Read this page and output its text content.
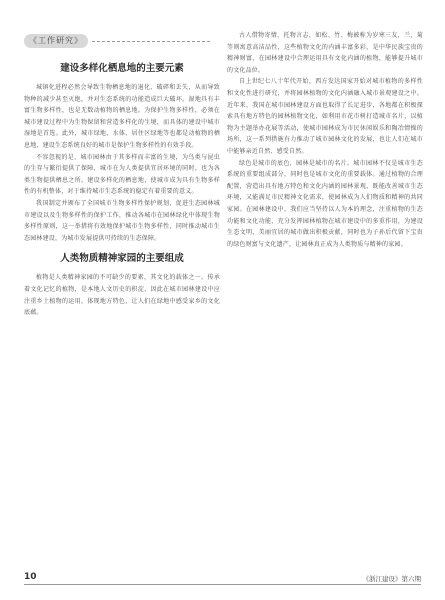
《工作研究》
建设多样化栖息地的主要元素

城镇化进程必然会导致生物栖息地的退化、破碎和丢失，从而导致物种的减少甚至灭绝，并对生态系统的功能造成巨大破坏。湿地具有丰富生物多样性，也是无数动植物的栖息地。为保护生物多样性，必须在城市建设过程中为生物保留和营造多样化的生境，而具体的建设中城市湿地是首选。此外，城市绿地、水体、居住区绿地等也都是动植物的栖息地，建设生态系统良好的城市是保护生物多样性的有效手段。

不容忽视的是，城市园林由于其多样而丰富的生境，为鸟类与昆虫的生存与繁衍提供了保障，城市在为人类提供宜居环境的同时，也为各类生物提供栖息之所。建设多样化的栖息地，使城市成为具有生物多样性的有机整体，对于维持城市生态系统的稳定有着重要的意义。

我国制定并颁布了全国城市生物多样性保护规划，促进生态园林城市建设以及生物多样性的保护工作，推动各城市在园林绿化中体现生物多样性原则，这一举措将有效地保护城市生物多样性，同时推动城市生态园林建设，为城市发展提供可持续的生态保障。

人类物质精神家园的主要组成

植物是人类精神家园的不可缺少的要素，其文化的载体之一。传承着文化记忆的植物，是本地人文历史的积淀，因此在城市园林建设中应注重乡土植物的运用，体现地方特色，让人们在绿地中感受家乡的文化底蕴。

古人借物寄情，托物言志，如松、竹、梅被称为岁寒三友，兰、菊等则寓意高洁品性，这些植物文化的内涵丰富多彩，是中华民族宝贵的精神财富，在园林建设中合理运用具有文化内涵的植物，能够提升城市的文化品位。

自上世纪七八十年代开始，西方发达国家开始对城市植物的多样性和文化性进行研究，并将园林植物的文化内涵融入城市景观建设之中。近年来，我国在城市园林建设方面也取得了长足进步，各地都在积极探索具有地方特色的园林植物文化，如利用市花市树打造城市名片，以植物为主题举办花展等活动，使城市园林成为市民休闲娱乐和陶冶情操的场所，这一系列措施有力推动了城市园林文化的发展，也让人们在城市中能够亲近自然、感受自然。

绿色是城市的底色，园林是城市的名片。城市园林不仅是城市生态系统的重要组成部分，同时也是城市文化的重要载体。通过植物的合理配置，营造出具有地方特色和文化内涵的园林景观，既能改善城市生态环境，又能满足市民精神文化需求，使园林成为人们物质和精神的共同家园。在园林建设中，我们应当坚持以人为本的理念，注重植物的生态功能和文化功能，充分发挥园林植物在城市建设中的多重作用，为建设生态文明、美丽宜居的城市做出积极贡献，同时也为子孙后代留下宝贵的绿色财富与文化遗产，让园林真正成为人类物质与精神的家园。

10	《浙江建设》第六期
